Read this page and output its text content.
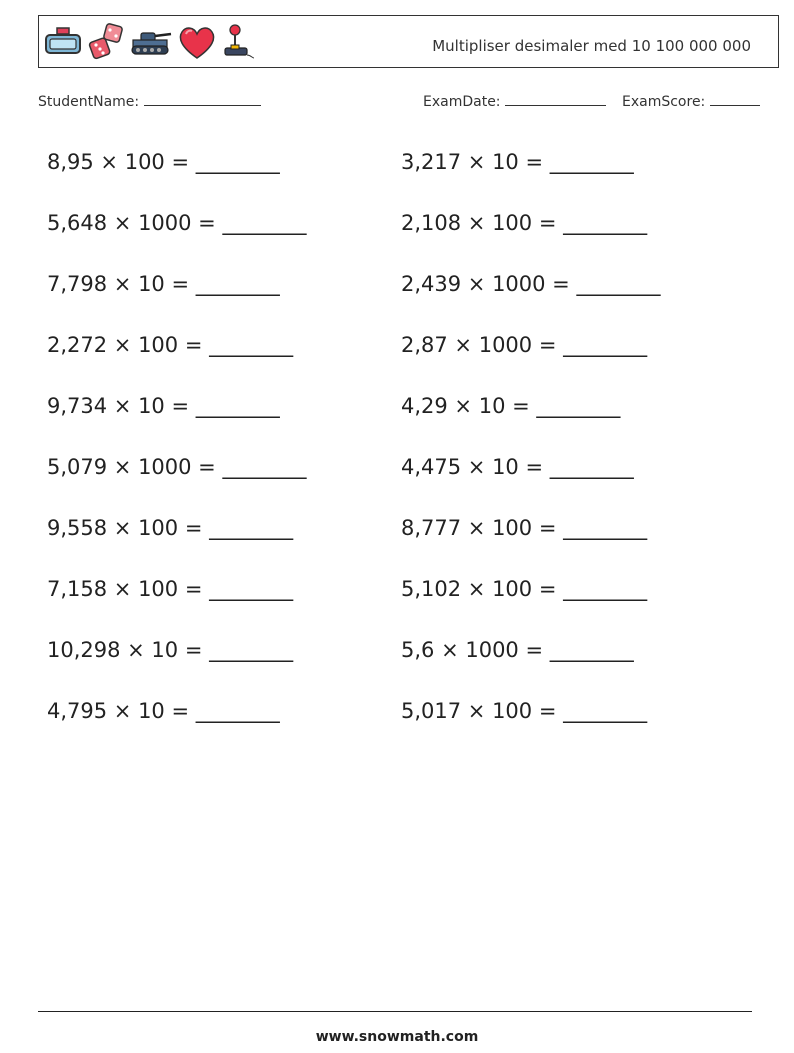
Multipliser desimaler med 10 100 000 000
StudentName:	ExamDate:	ExamScore:
8,95 × 100 = ________
5,648 × 1000 = ________
7,798 × 10 = ________
2,272 × 100 = ________
9,734 × 10 = ________
5,079 × 1000 = ________
9,558 × 100 = ________
7,158 × 100 = ________
10,298 × 10 = ________
4,795 × 10 = ________
3,217 × 10 = ________
2,108 × 100 = ________
2,439 × 1000 = ________
2,87 × 1000 = ________
4,29 × 10 = ________
4,475 × 10 = ________
8,777 × 100 = ________
5,102 × 100 = ________
5,6 × 1000 = ________
5,017 × 100 = ________
www.snowmath.com
